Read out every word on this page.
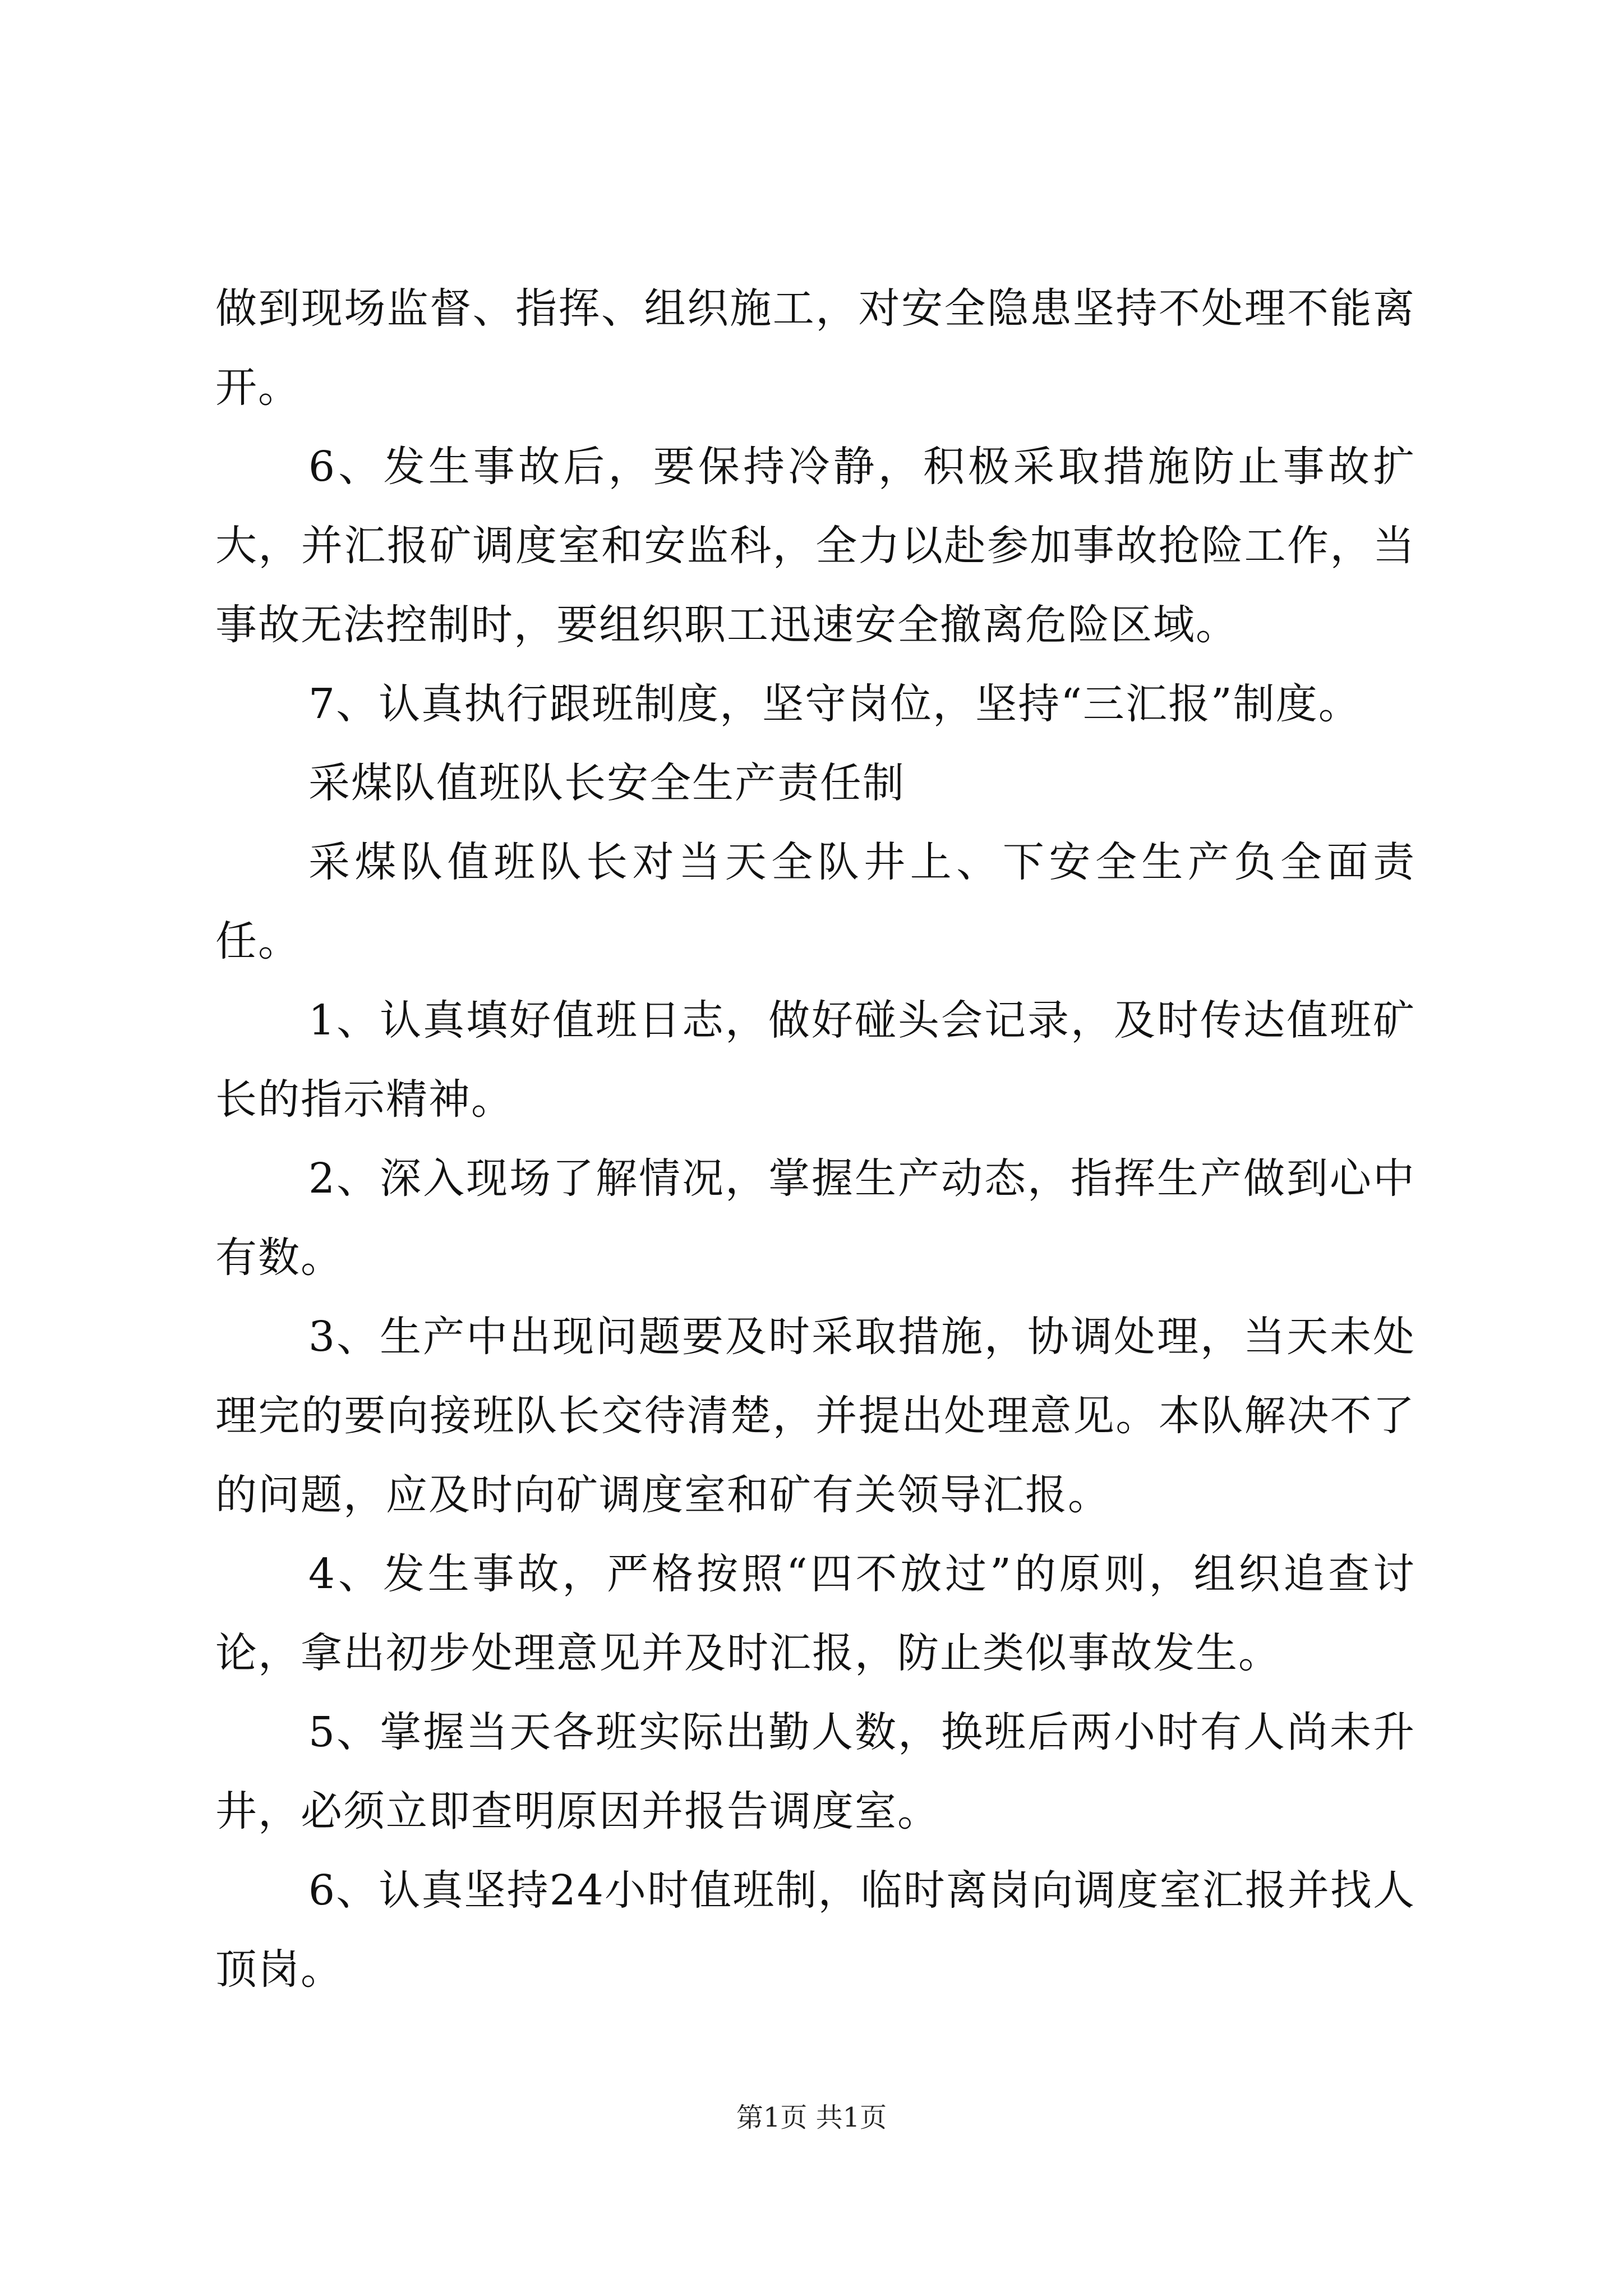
做到现场监督、指挥、组织施工，对安全隐患坚持不处理不能离开。

6、发生事故后，要保持冷静，积极采取措施防止事故扩大，并汇报矿调度室和安监科，全力以赴参加事故抢险工作，当事故无法控制时，要组织职工迅速安全撤离危险区域。

7、认真执行跟班制度，坚守岗位，坚持“三汇报”制度。

采煤队值班队长安全生产责任制

采煤队值班队长对当天全队井上、下安全生产负全面责任。

1、认真填好值班日志，做好碰头会记录，及时传达值班矿长的指示精神。

2、深入现场了解情况，掌握生产动态，指挥生产做到心中有数。

3、生产中出现问题要及时采取措施，协调处理，当天未处理完的要向接班队长交待清楚，并提出处理意见。本队解决不了的问题，应及时向矿调度室和矿有关领导汇报。

4、发生事故，严格按照“四不放过”的原则，组织追查讨论，拿出初步处理意见并及时汇报，防止类似事故发生。

5、掌握当天各班实际出勤人数，换班后两小时有人尚未升井，必须立即查明原因并报告调度室。

6、认真坚持24小时值班制，临时离岗向调度室汇报并找人顶岗。

第1页 共1页
